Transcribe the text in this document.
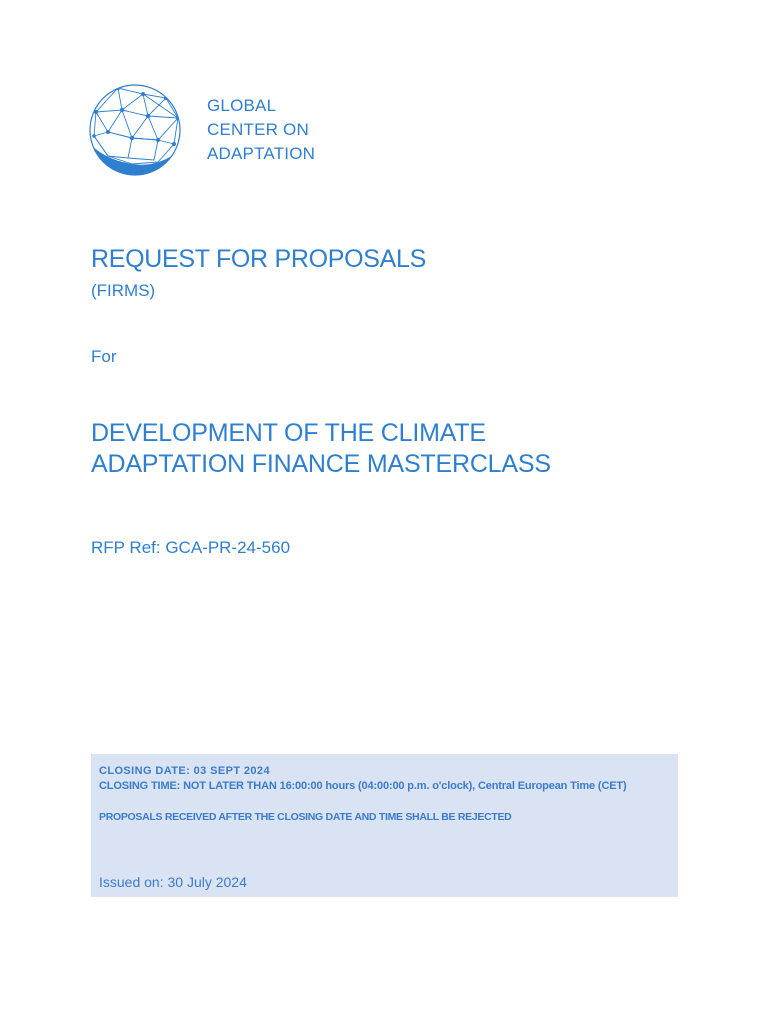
GLOBAL
CENTER ON
ADAPTATION
REQUEST FOR PROPOSALS
(FIRMS)
For
DEVELOPMENT OF THE CLIMATE
ADAPTATION FINANCE MASTERCLASS
RFP Ref: GCA-PR-24-560
CLOSING DATE: 03 SEPT 2024
CLOSING TIME: NOT LATER THAN 16:00:00 hours (04:00:00 p.m. o'clock), Central European Time (CET)
PROPOSALS RECEIVED AFTER THE CLOSING DATE AND TIME SHALL BE REJECTED
Issued on: 30 July 2024
